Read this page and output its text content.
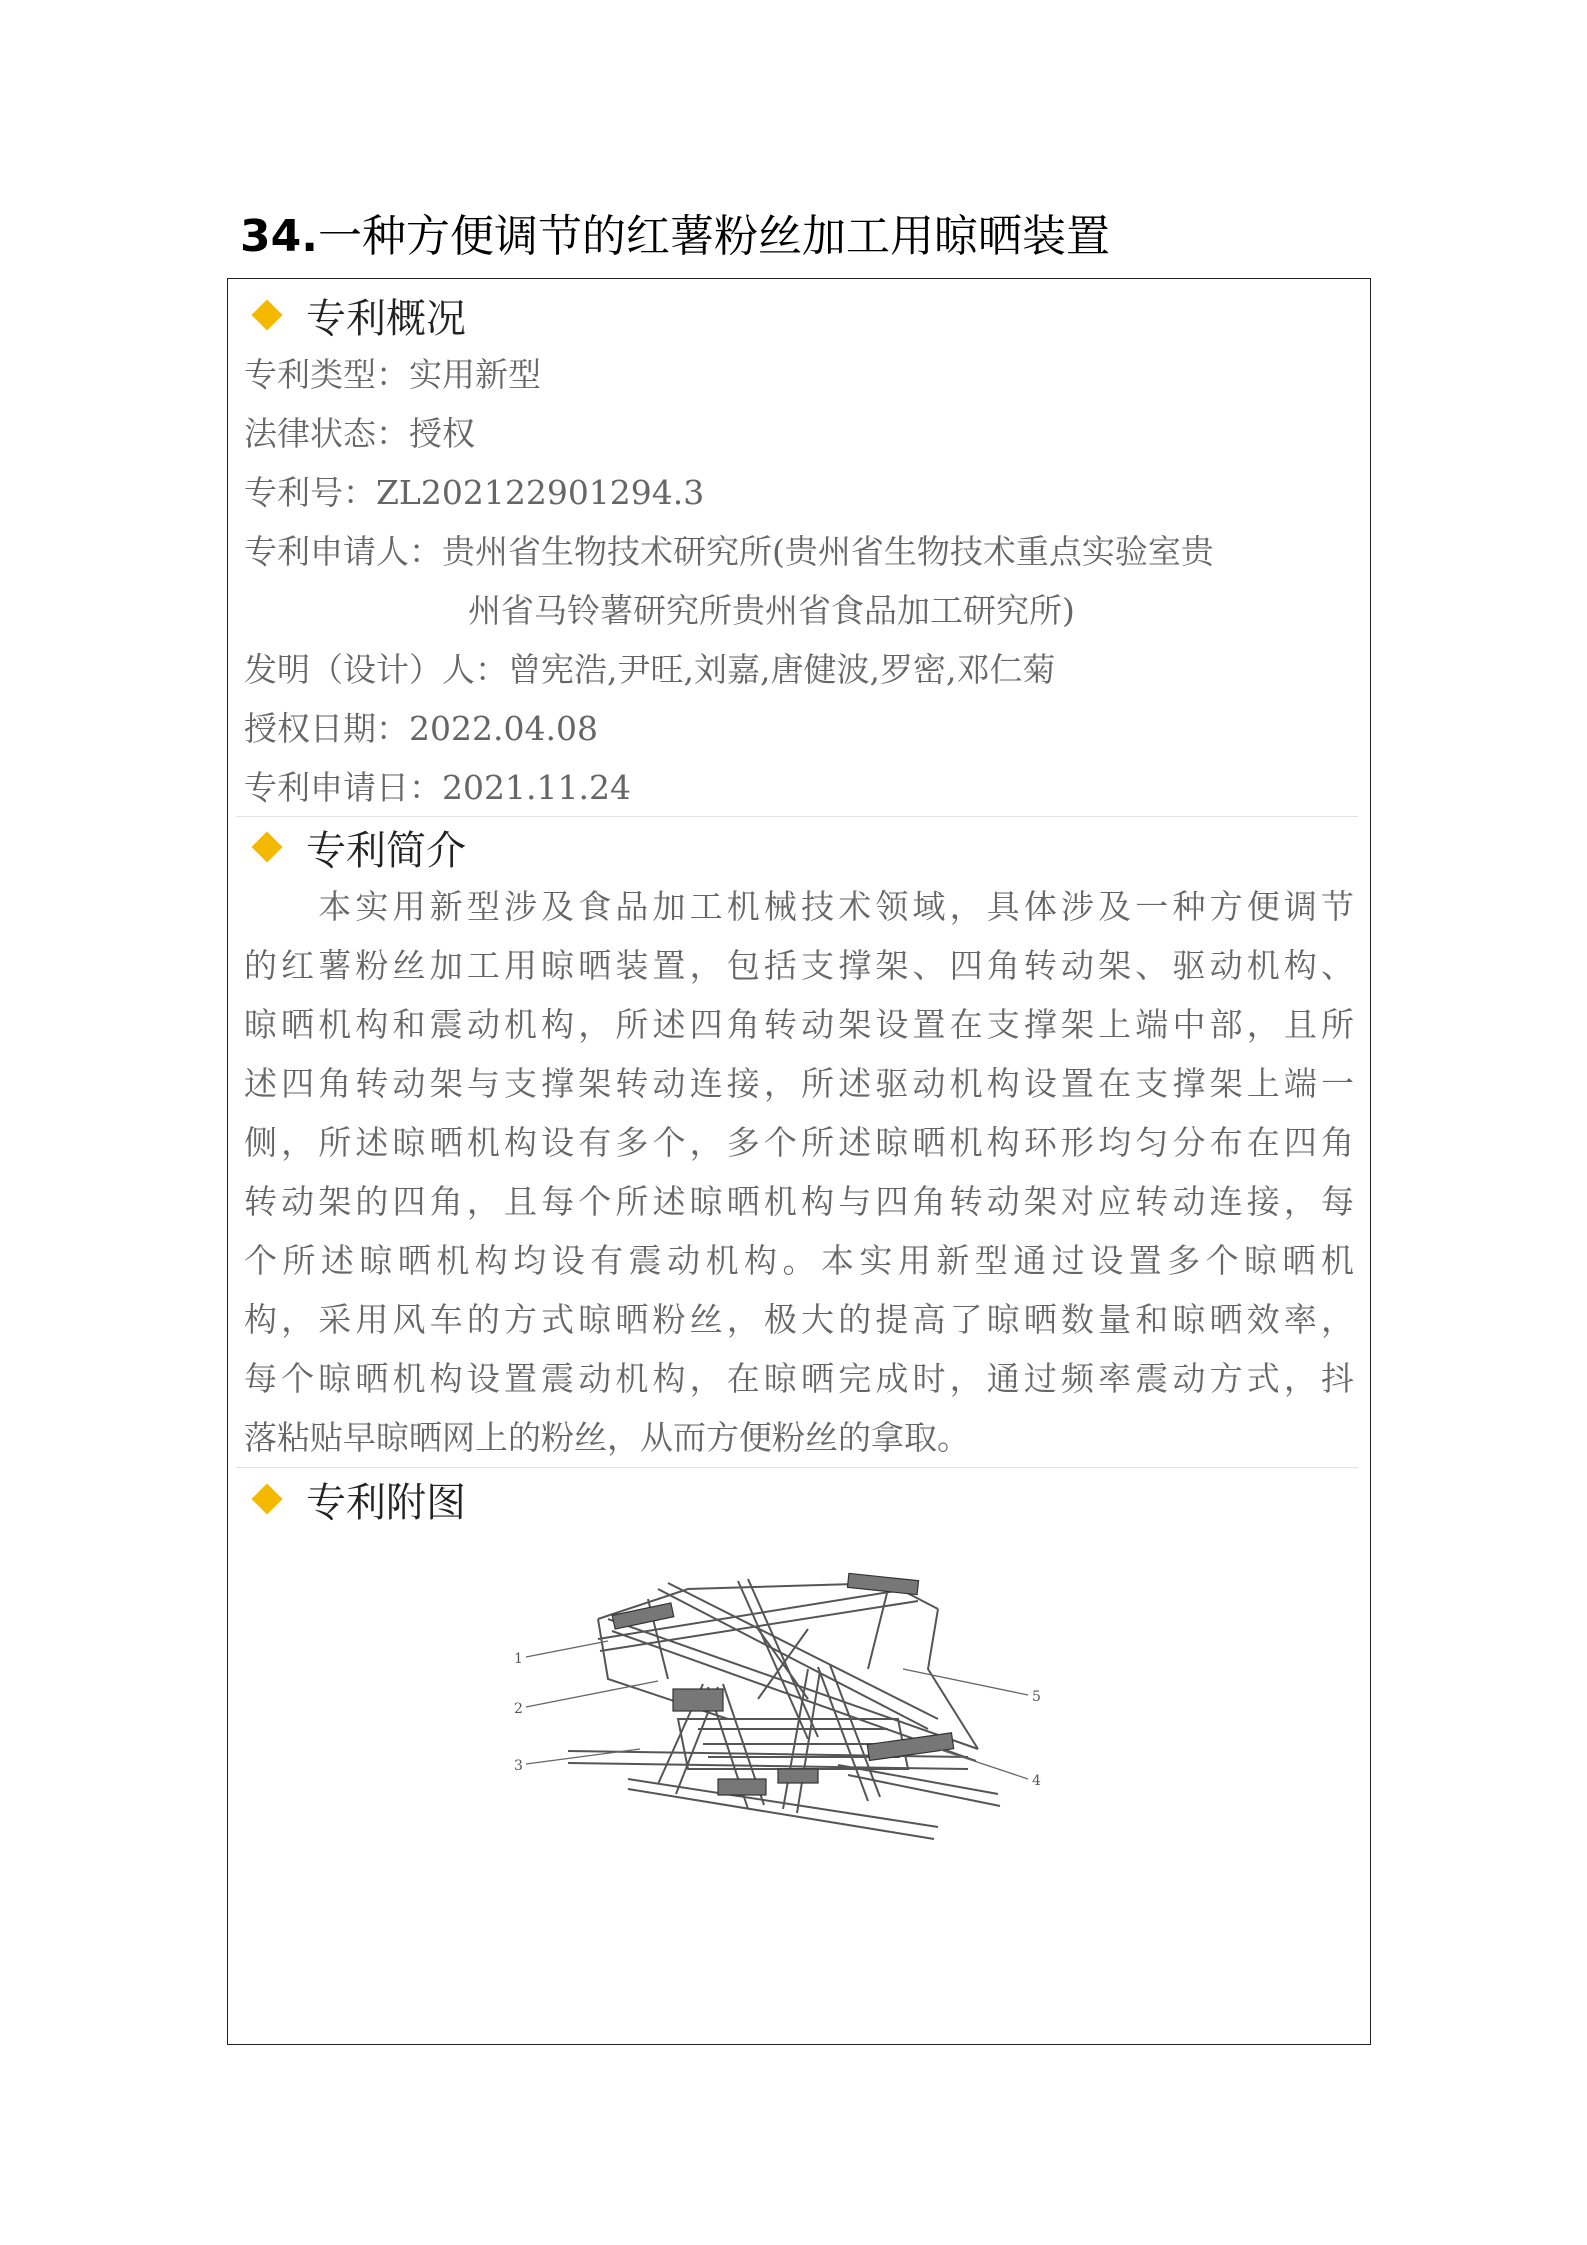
34.一种方便调节的红薯粉丝加工用晾晒装置
专利概况
专利类型：实用新型
法律状态：授权
专利号：ZL202122901294.3
专利申请人：贵州省生物技术研究所(贵州省生物技术重点实验室贵
州省马铃薯研究所贵州省食品加工研究所)
发明（设计）人：曾宪浩,尹旺,刘嘉,唐健波,罗密,邓仁菊
授权日期：2022.04.08
专利申请日：2021.11.24
专利简介
　　本实用新型涉及食品加工机械技术领域，具体涉及一种方便调节
的红薯粉丝加工用晾晒装置，包括支撑架、四角转动架、驱动机构、
晾晒机构和震动机构，所述四角转动架设置在支撑架上端中部，且所
述四角转动架与支撑架转动连接，所述驱动机构设置在支撑架上端一
侧，所述晾晒机构设有多个，多个所述晾晒机构环形均匀分布在四角
转动架的四角，且每个所述晾晒机构与四角转动架对应转动连接，每
个所述晾晒机构均设有震动机构。本实用新型通过设置多个晾晒机
构，采用风车的方式晾晒粉丝，极大的提高了晾晒数量和晾晒效率，
每个晾晒机构设置震动机构，在晾晒完成时，通过频率震动方式，抖
落粘贴早晾晒网上的粉丝，从而方便粉丝的拿取。
专利附图
1
2
3
4
5
